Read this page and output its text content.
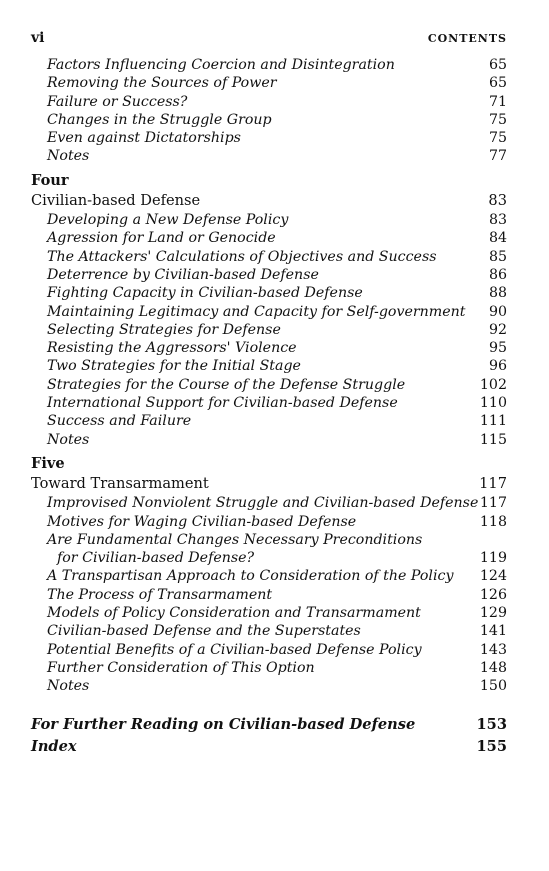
vi	CONTENTS
Factors Influencing Coercion and Disintegration	65
Removing the Sources of Power	65
Failure or Success?	71
Changes in the Struggle Group	75
Even against Dictatorships	75
Notes	77
Four
Civilian-based Defense	83
Developing a New Defense Policy	83
Agression for Land or Genocide	84
The Attackers' Calculations of Objectives and Success	85
Deterrence by Civilian-based Defense	86
Fighting Capacity in Civilian-based Defense	88
Maintaining Legitimacy and Capacity for Self-government 90
Selecting Strategies for Defense	92
Resisting the Aggressors' Violence	95
Two Strategies for the Initial Stage	96
Strategies for the Course of the Defense Struggle	102
International Support for Civilian-based Defense	110
Success and Failure	111
Notes	115
Five
Toward Transarmament	117
Improvised Nonviolent Struggle and Civilian-based Defense 117
Motives for Waging Civilian-based Defense	118
Are Fundamental Changes Necessary Preconditions
for Civilian-based Defense?	119
A Transpartisan Approach to Consideration of the Policy 124
The Process of Transarmament	126
Models of Policy Consideration and Transarmament	129
Civilian-based Defense and the Superstates	141
Potential Benefits of a Civilian-based Defense Policy	143
Further Consideration of This Option	148
Notes	150
For Further Reading on Civilian-based Defense	153
Index	155
